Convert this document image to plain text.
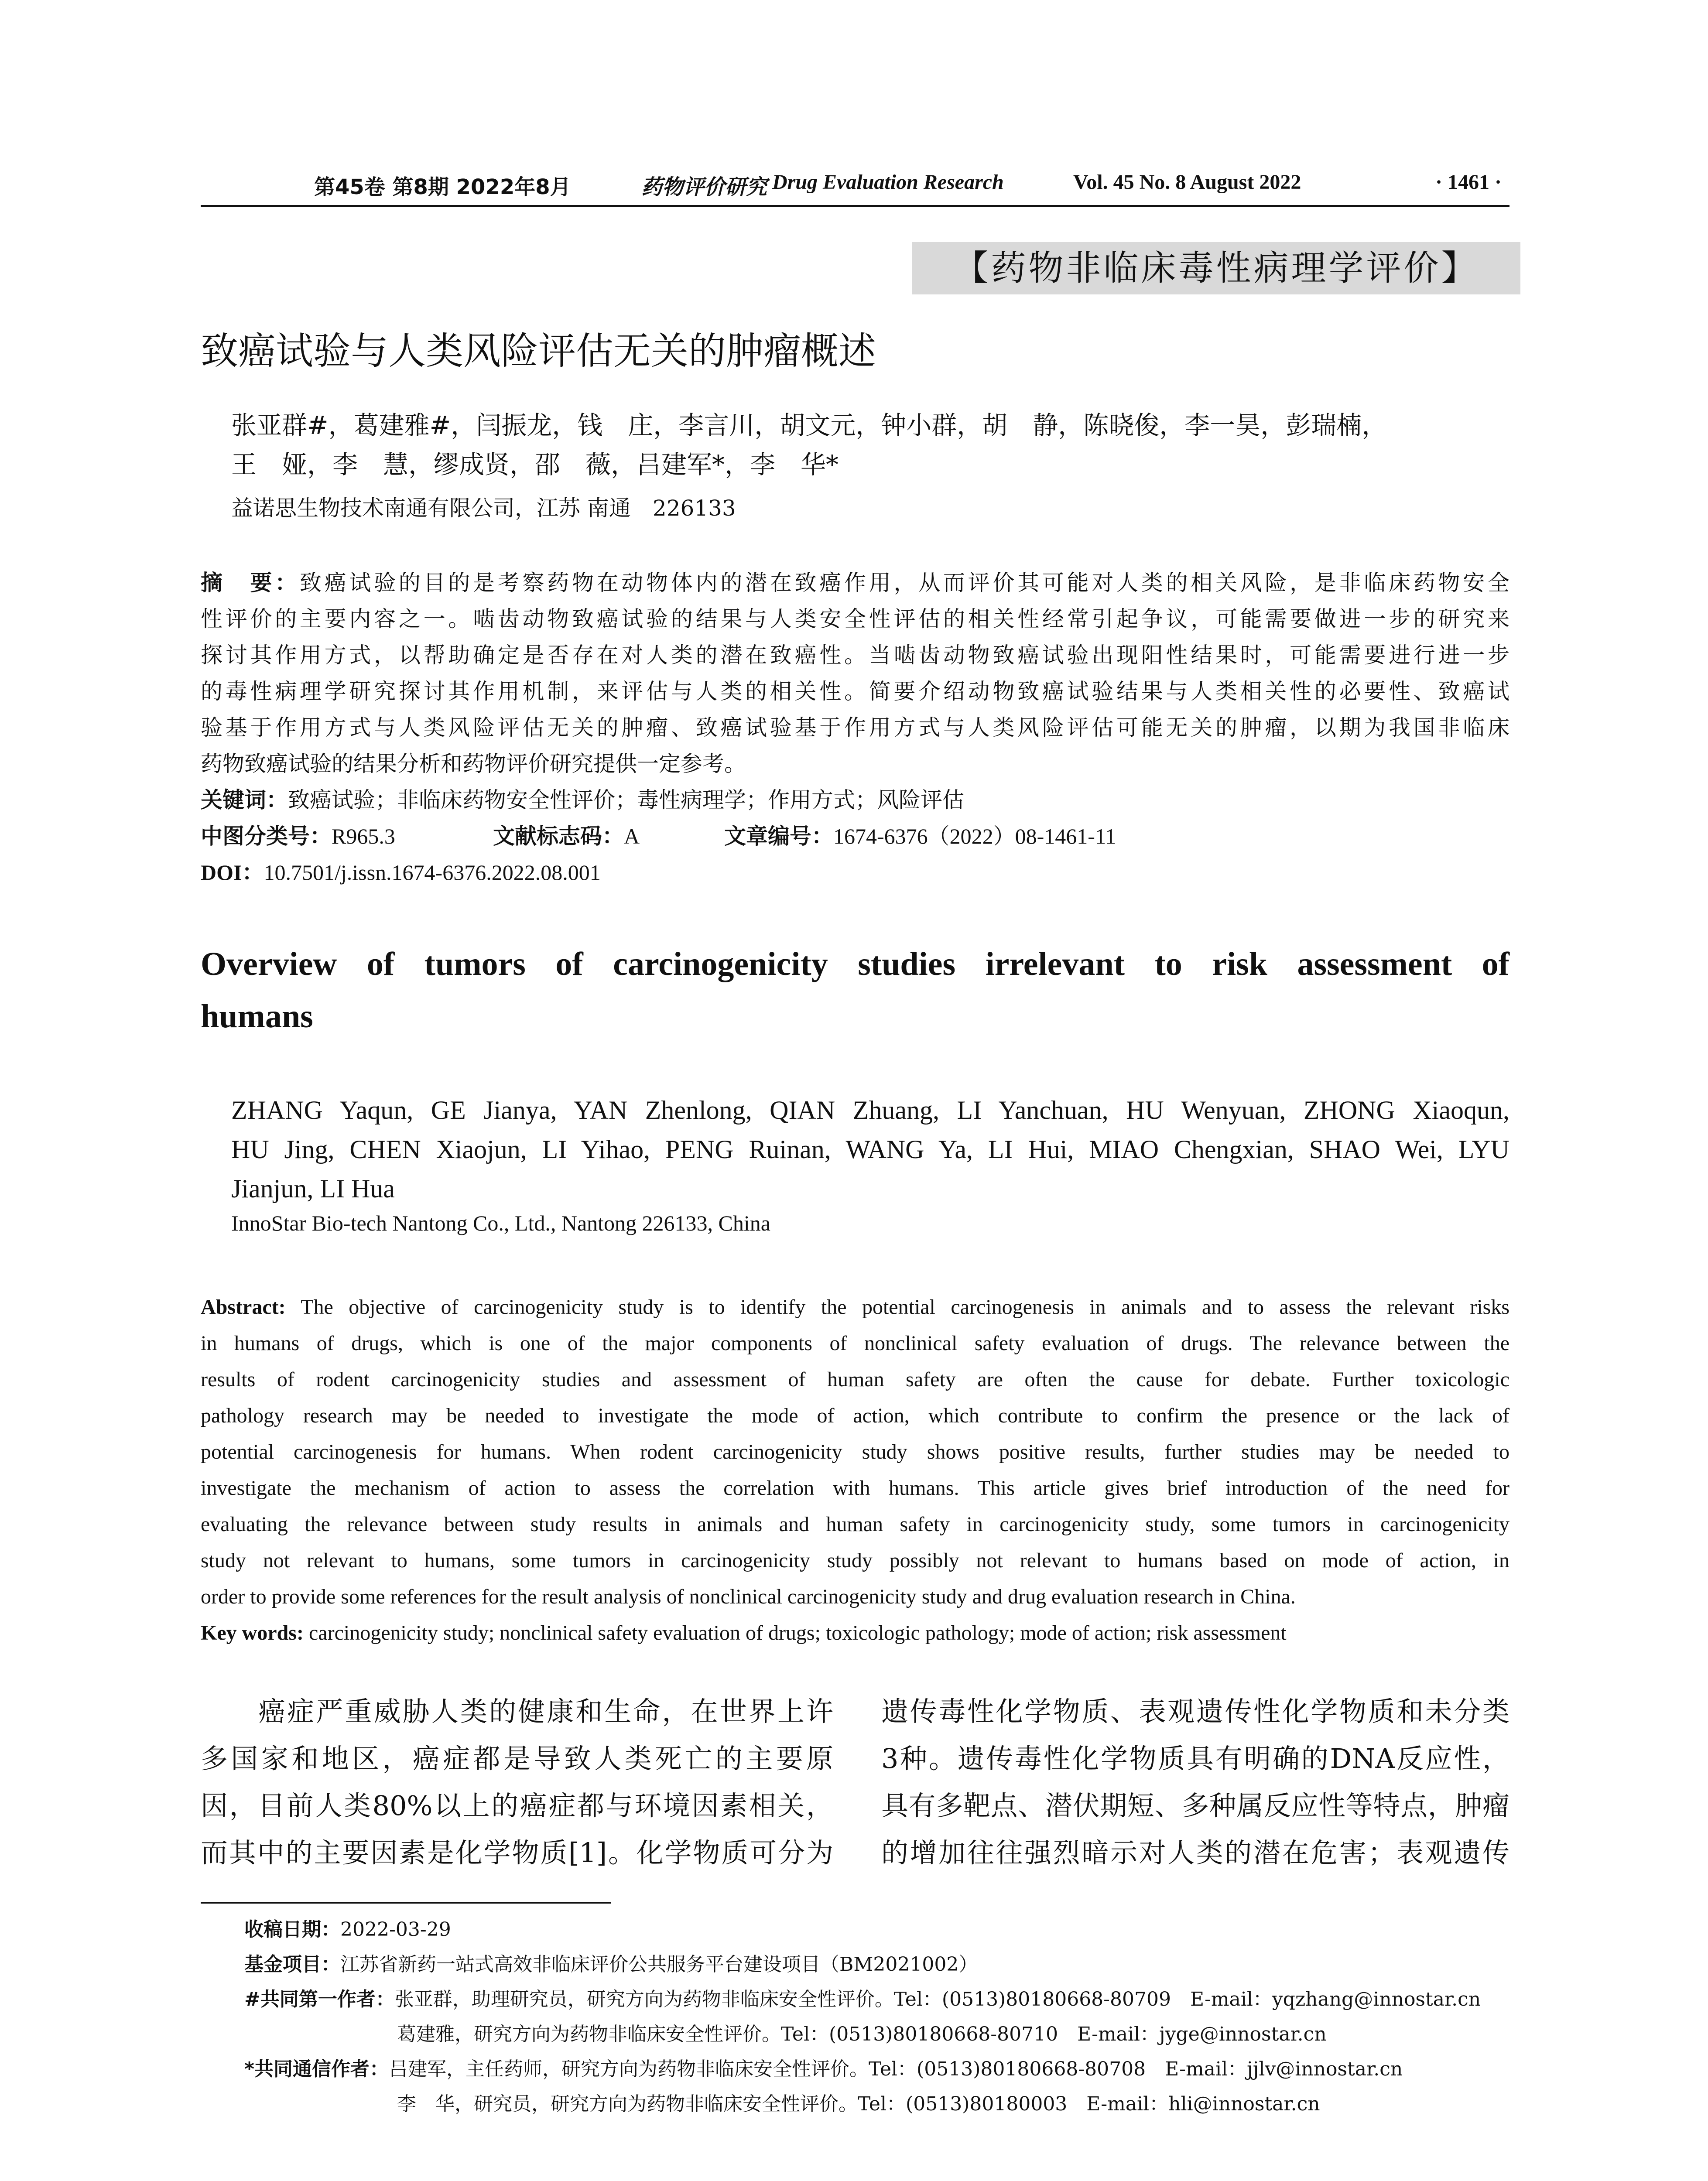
第45卷 第8期 2022年8月	药物评价研究 Drug Evaluation Research	Vol. 45 No. 8 August 2022	· 1461 ·
【药物非临床毒性病理学评价】
致癌试验与人类风险评估无关的肿瘤概述
张亚群#，葛建雅#，闫振龙，钱　庄，李言川，胡文元，钟小群，胡　静，陈晓俊，李一昊，彭瑞楠，
王　娅，李　慧，缪成贤，邵　薇，吕建军*，李　华*
益诺思生物技术南通有限公司，江苏 南通　226133
摘　要：致癌试验的目的是考察药物在动物体内的潜在致癌作用，从而评价其可能对人类的相关风险，是非临床药物安全
性评价的主要内容之一。啮齿动物致癌试验的结果与人类安全性评估的相关性经常引起争议，可能需要做进一步的研究来
探讨其作用方式，以帮助确定是否存在对人类的潜在致癌性。当啮齿动物致癌试验出现阳性结果时，可能需要进行进一步
的毒性病理学研究探讨其作用机制，来评估与人类的相关性。简要介绍动物致癌试验结果与人类相关性的必要性、致癌试
验基于作用方式与人类风险评估无关的肿瘤、致癌试验基于作用方式与人类风险评估可能无关的肿瘤，以期为我国非临床
药物致癌试验的结果分析和药物评价研究提供一定参考。
关键词：致癌试验；非临床药物安全性评价；毒性病理学；作用方式；风险评估
中图分类号：R965.3	文献标志码：A	文章编号：1674-6376（2022）08-1461-11
DOI：10.7501/j.issn.1674-6376.2022.08.001
Overview of tumors of carcinogenicity studies irrelevant to risk assessment of
humans
ZHANG Yaqun, GE Jianya, YAN Zhenlong, QIAN Zhuang, LI Yanchuan, HU Wenyuan, ZHONG Xiaoqun,
HU Jing, CHEN Xiaojun, LI Yihao, PENG Ruinan, WANG Ya, LI Hui, MIAO Chengxian, SHAO Wei, LYU
Jianjun, LI Hua
InnoStar Bio-tech Nantong Co., Ltd., Nantong 226133, China
Abstract: The objective of carcinogenicity study is to identify the potential carcinogenesis in animals and to assess the relevant risks
in humans of drugs, which is one of the major components of nonclinical safety evaluation of drugs. The relevance between the
results of rodent carcinogenicity studies and assessment of human safety are often the cause for debate. Further toxicologic
pathology research may be needed to investigate the mode of action, which contribute to confirm the presence or the lack of
potential carcinogenesis for humans. When rodent carcinogenicity study shows positive results, further studies may be needed to
investigate the mechanism of action to assess the correlation with humans. This article gives brief introduction of the need for
evaluating the relevance between study results in animals and human safety in carcinogenicity study, some tumors in carcinogenicity
study not relevant to humans, some tumors in carcinogenicity study possibly not relevant to humans based on mode of action, in
order to provide some references for the result analysis of nonclinical carcinogenicity study and drug evaluation research in China.
Key words: carcinogenicity study; nonclinical safety evaluation of drugs; toxicologic pathology; mode of action; risk assessment
　　癌症严重威胁人类的健康和生命，在世界上许
多国家和地区，癌症都是导致人类死亡的主要原
因，目前人类80%以上的癌症都与环境因素相关，
而其中的主要因素是化学物质[1]。化学物质可分为
遗传毒性化学物质、表观遗传性化学物质和未分类
3种。遗传毒性化学物质具有明确的DNA反应性，
具有多靶点、潜伏期短、多种属反应性等特点，肿瘤
的增加往往强烈暗示对人类的潜在危害；表观遗传
收稿日期：2022-03-29
基金项目：江苏省新药一站式高效非临床评价公共服务平台建设项目（BM2021002）
#共同第一作者：张亚群，助理研究员，研究方向为药物非临床安全性评价。Tel：(0513)80180668-80709　E-mail：yqzhang@innostar.cn
葛建雅，研究方向为药物非临床安全性评价。Tel：(0513)80180668-80710　E-mail：jyge@innostar.cn
*共同通信作者：吕建军，主任药师，研究方向为药物非临床安全性评价。Tel：(0513)80180668-80708　E-mail：jjlv@innostar.cn
李　华，研究员，研究方向为药物非临床安全性评价。Tel：(0513)80180003　E-mail：hli@innostar.cn
